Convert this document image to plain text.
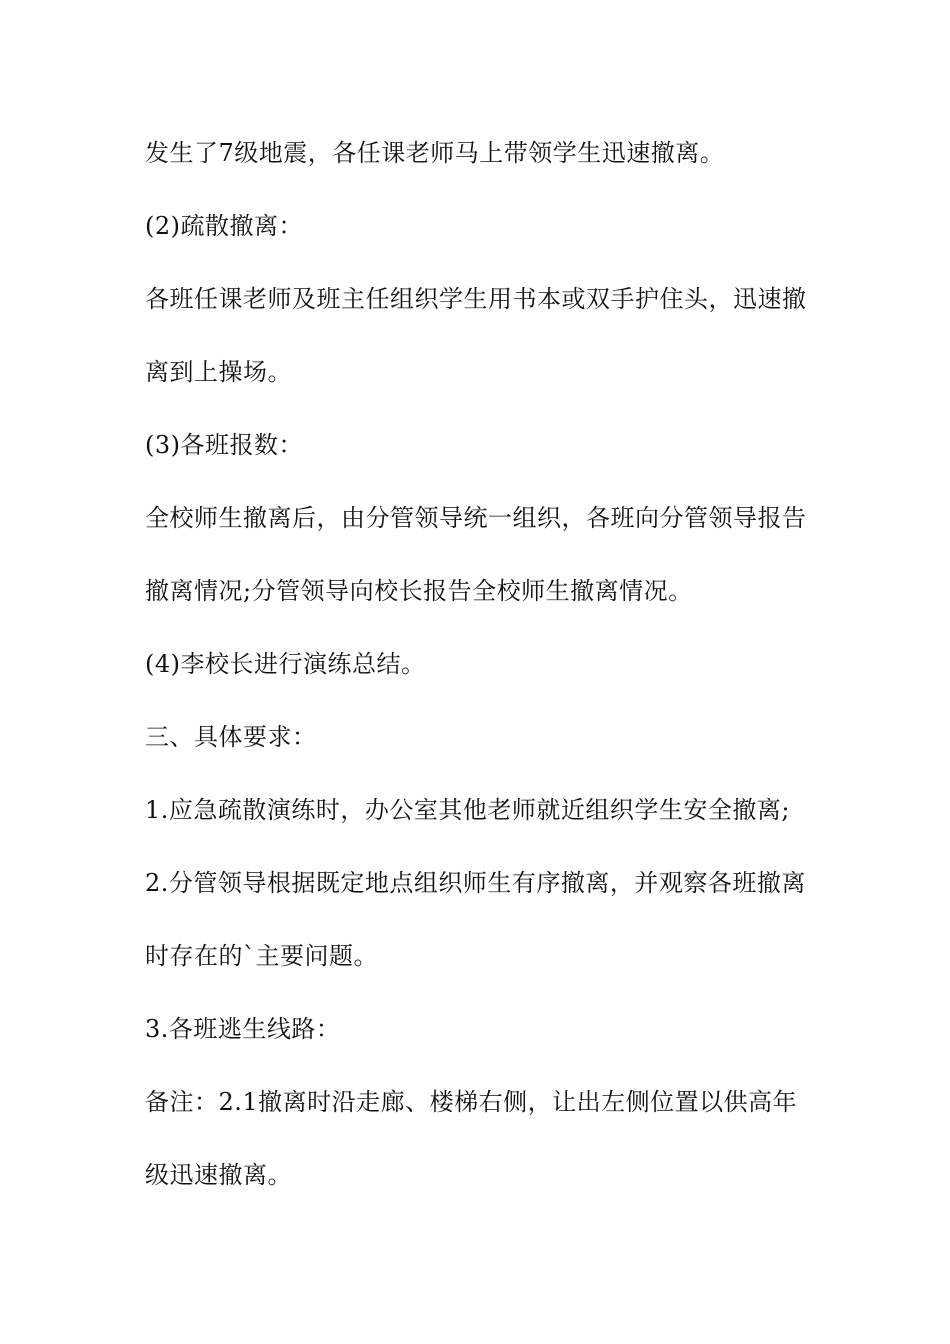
发生了7级地震，各任课老师马上带领学生迅速撤离。
(2)疏散撤离：
各班任课老师及班主任组织学生用书本或双手护住头，迅速撤
离到上操场。
(3)各班报数：
全校师生撤离后，由分管领导统一组织，各班向分管领导报告
撤离情况;分管领导向校长报告全校师生撤离情况。
(4)李校长进行演练总结。
三、具体要求：
1.应急疏散演练时，办公室其他老师就近组织学生安全撤离;
2.分管领导根据既定地点组织师生有序撤离，并观察各班撤离
时存在的`主要问题。
3.各班逃生线路：
备注：2.1撤离时沿走廊、楼梯右侧，让出左侧位置以供高年
级迅速撤离。
